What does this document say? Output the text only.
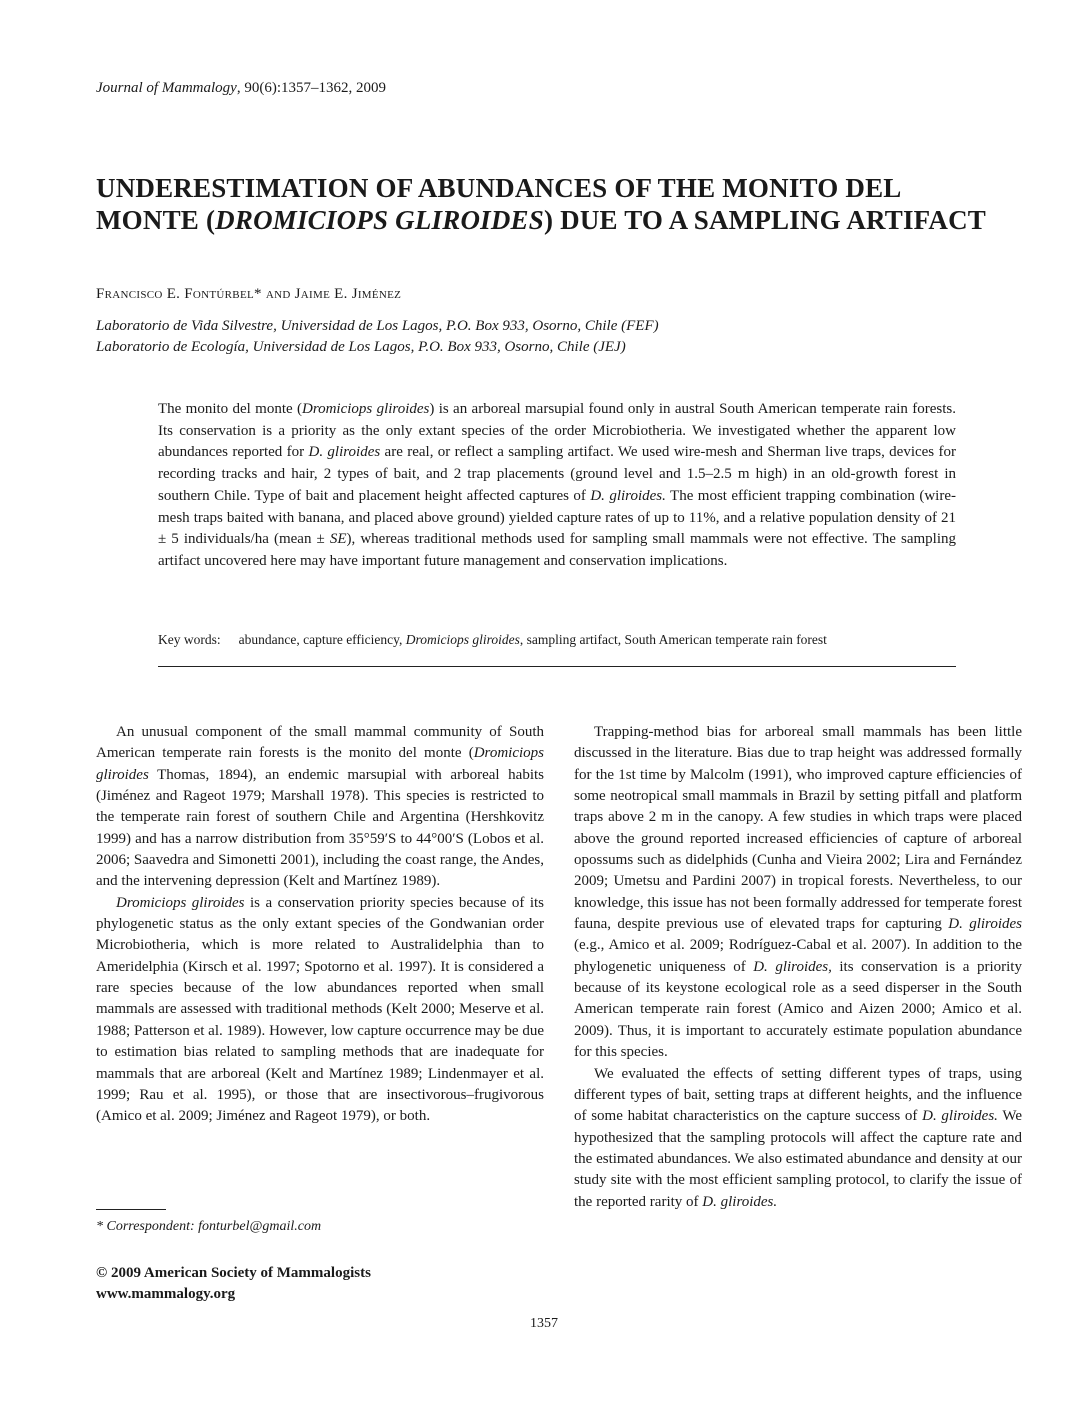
Journal of Mammalogy, 90(6):1357–1362, 2009
UNDERESTIMATION OF ABUNDANCES OF THE MONITO DEL MONTE (DROMICIOPS GLIROIDES) DUE TO A SAMPLING ARTIFACT
Francisco E. Fontúrbel* and Jaime E. Jiménez
Laboratorio de Vida Silvestre, Universidad de Los Lagos, P.O. Box 933, Osorno, Chile (FEF)
Laboratorio de Ecología, Universidad de Los Lagos, P.O. Box 933, Osorno, Chile (JEJ)

The monito del monte (Dromiciops gliroides) is an arboreal marsupial found only in austral South American temperate rain forests. Its conservation is a priority as the only extant species of the order Microbiotheria. We investigated whether the apparent low abundances reported for D. gliroides are real, or reflect a sampling artifact. We used wire-mesh and Sherman live traps, devices for recording tracks and hair, 2 types of bait, and 2 trap placements (ground level and 1.5–2.5 m high) in an old-growth forest in southern Chile. Type of bait and placement height affected captures of D. gliroides. The most efficient trapping combination (wire-mesh traps baited with banana, and placed above ground) yielded capture rates of up to 11%, and a relative population density of 21 ± 5 individuals/ha (mean ± SE), whereas traditional methods used for sampling small mammals were not effective. The sampling artifact uncovered here may have important future management and conservation implications.

Key words: abundance, capture efficiency, Dromiciops gliroides, sampling artifact, South American temperate rain forest

An unusual component of the small mammal community of South American temperate rain forests is the monito del monte (Dromiciops gliroides Thomas, 1894), an endemic marsupial with arboreal habits (Jiménez and Rageot 1979; Marshall 1978). This species is restricted to the temperate rain forest of southern Chile and Argentina (Hershkovitz 1999) and has a narrow distribution from 35°59′S to 44°00′S (Lobos et al. 2006; Saavedra and Simonetti 2001), including the coast range, the Andes, and the intervening depression (Kelt and Martínez 1989).

Dromiciops gliroides is a conservation priority species because of its phylogenetic status as the only extant species of the Gondwanian order Microbiotheria, which is more related to Australidelphia than to Ameridelphia (Kirsch et al. 1997; Spotorno et al. 1997). It is considered a rare species because of the low abundances reported when small mammals are assessed with traditional methods (Kelt 2000; Meserve et al. 1988; Patterson et al. 1989). However, low capture occurrence may be due to estimation bias related to sampling methods that are inadequate for mammals that are arboreal (Kelt and Martínez 1989; Lindenmayer et al. 1999; Rau et al. 1995), or those that are insectivorous–frugivorous (Amico et al. 2009; Jiménez and Rageot 1979), or both.

Trapping-method bias for arboreal small mammals has been little discussed in the literature. Bias due to trap height was addressed formally for the 1st time by Malcolm (1991), who improved capture efficiencies of some neotropical small mammals in Brazil by setting pitfall and platform traps above 2 m in the canopy. A few studies in which traps were placed above the ground reported increased efficiencies of capture of arboreal opossums such as didelphids (Cunha and Vieira 2002; Lira and Fernández 2009; Umetsu and Pardini 2007) in tropical forests. Nevertheless, to our knowledge, this issue has not been formally addressed for temperate forest fauna, despite previous use of elevated traps for capturing D. gliroides (e.g., Amico et al. 2009; Rodríguez-Cabal et al. 2007). In addition to the phylogenetic uniqueness of D. gliroides, its conservation is a priority because of its keystone ecological role as a seed disperser in the South American temperate rain forest (Amico and Aizen 2000; Amico et al. 2009). Thus, it is important to accurately estimate population abundance for this species.

We evaluated the effects of setting different types of traps, using different types of bait, setting traps at different heights, and the influence of some habitat characteristics on the capture success of D. gliroides. We hypothesized that the sampling protocols will affect the capture rate and the estimated abundances. We also estimated abundance and density at our study site with the most efficient sampling protocol, to clarify the issue of the reported rarity of D. gliroides.

* Correspondent: fonturbel@gmail.com
© 2009 American Society of Mammalogists
www.mammalogy.org
1357
